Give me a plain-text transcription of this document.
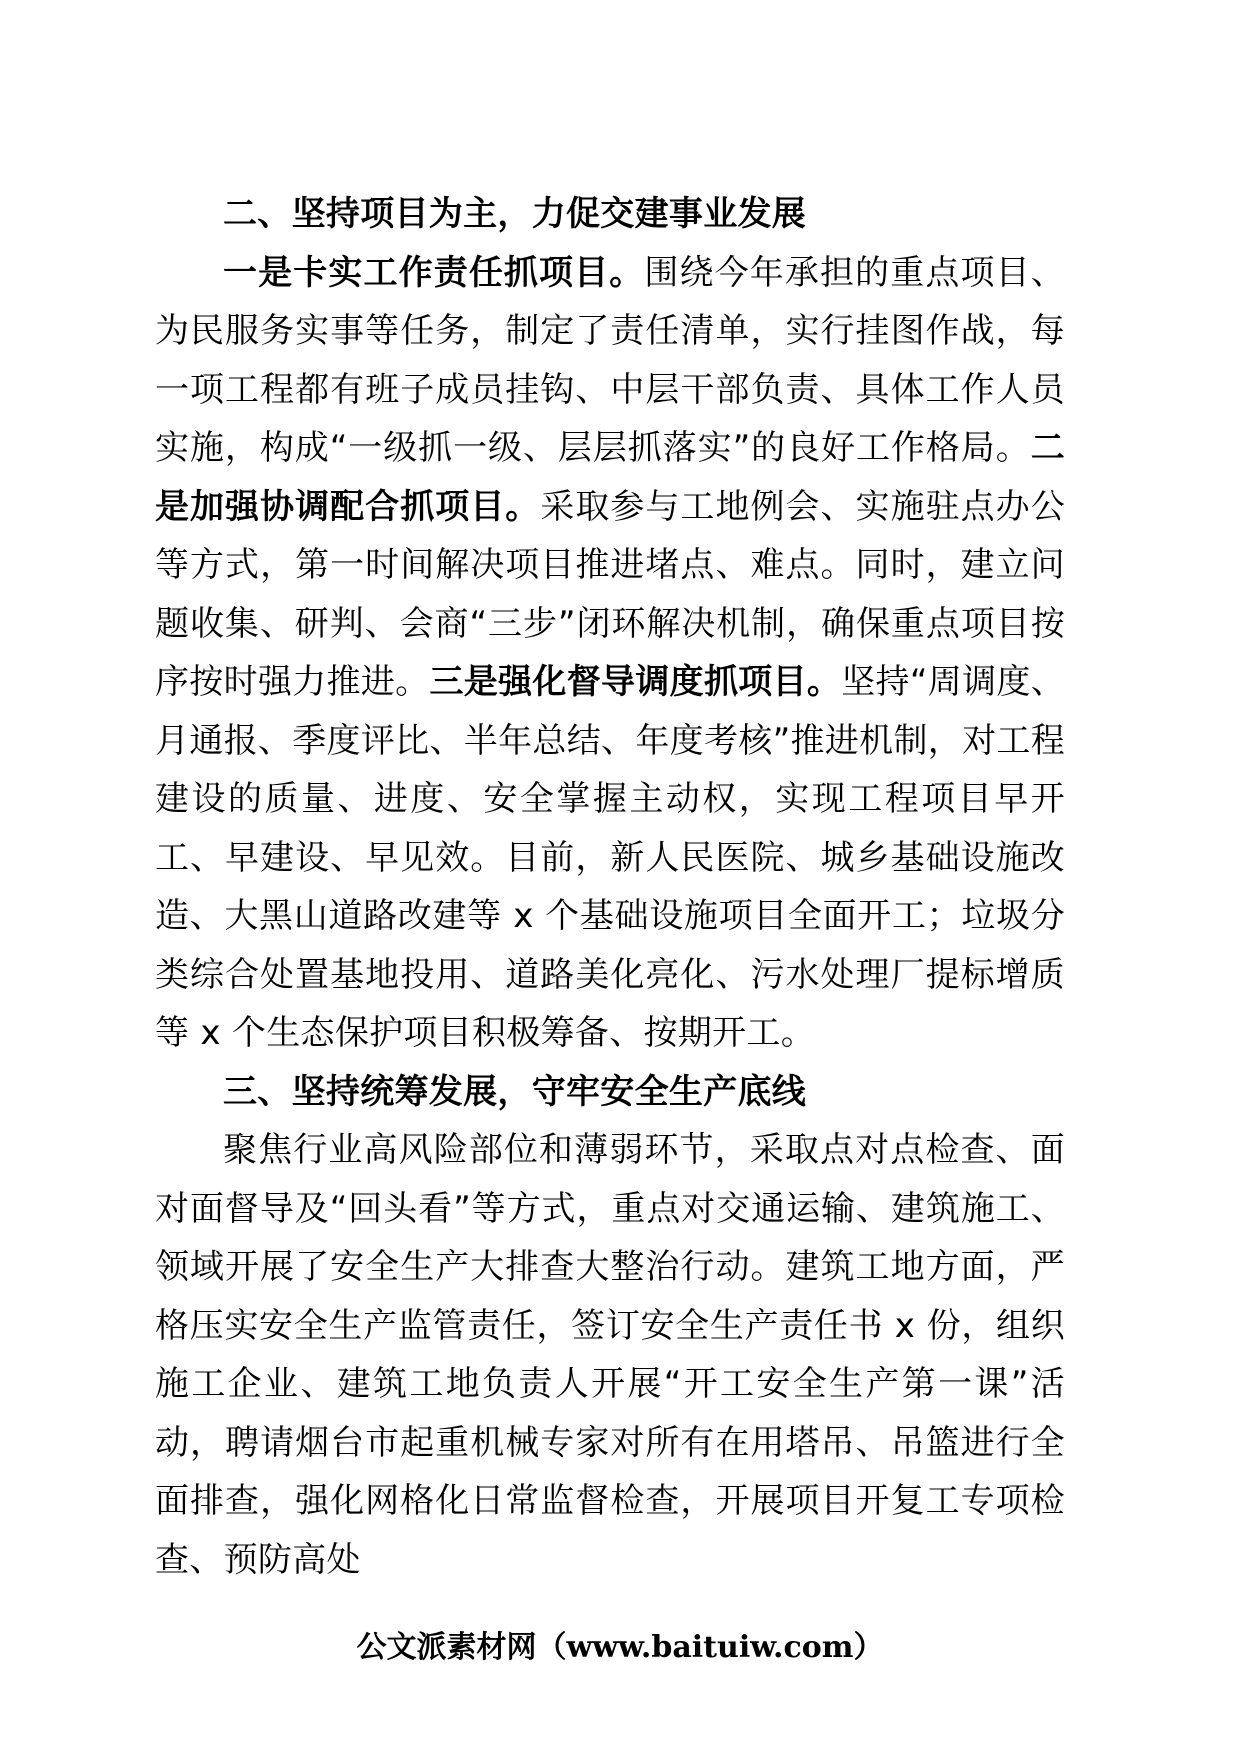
二、坚持项目为主，力促交建事业发展

一是卡实工作责任抓项目。围绕今年承担的重点项目、为民服务实事等任务，制定了责任清单，实行挂图作战，每一项工程都有班子成员挂钩、中层干部负责、具体工作人员实施，构成“一级抓一级、层层抓落实”的良好工作格局。二是加强协调配合抓项目。采取参与工地例会、实施驻点办公等方式，第一时间解决项目推进堵点、难点。同时，建立问题收集、研判、会商“三步”闭环解决机制，确保重点项目按序按时强力推进。三是强化督导调度抓项目。坚持“周调度、月通报、季度评比、半年总结、年度考核”推进机制，对工程建设的质量、进度、安全掌握主动权，实现工程项目早开工、早建设、早见效。目前，新人民医院、城乡基础设施改造、大黑山道路改建等 x 个基础设施项目全面开工；垃圾分类综合处置基地投用、道路美化亮化、污水处理厂提标增质等 x 个生态保护项目积极筹备、按期开工。

三、坚持统筹发展，守牢安全生产底线

聚焦行业高风险部位和薄弱环节，采取点对点检查、面对面督导及“回头看”等方式，重点对交通运输、建筑施工、领域开展了安全生产大排查大整治行动。建筑工地方面，严格压实安全生产监管责任，签订安全生产责任书 x 份，组织施工企业、建筑工地负责人开展“开工安全生产第一课”活动，聘请烟台市起重机械专家对所有在用塔吊、吊篮进行全面排查，强化网格化日常监督检查，开展项目开复工专项检查、预防高处

公文派素材网（www.baituiw.com）
